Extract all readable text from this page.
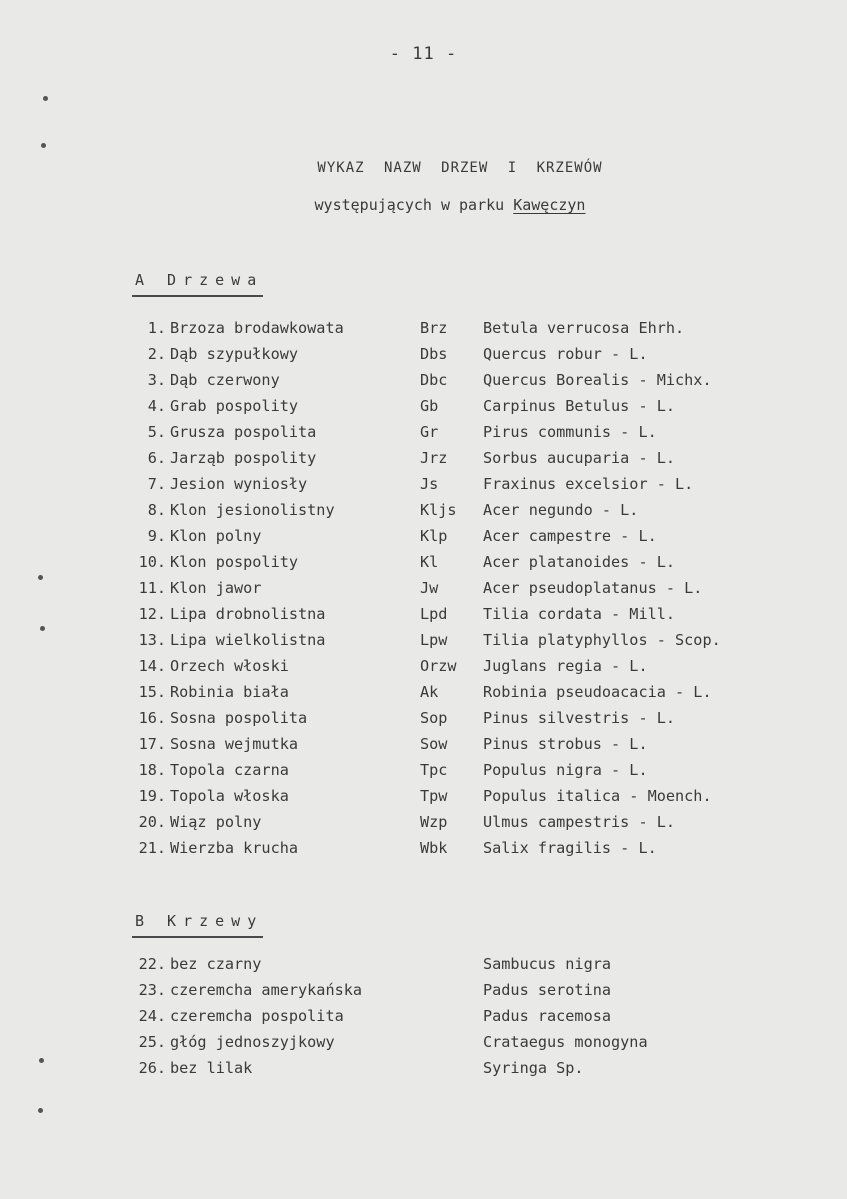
- 11 -
WYKAZ NAZW DRZEW I KRZEWÓW
występujących w parku Kawęczyn
A Drzewa
1. Brzoza brodawkowata	Brz Betula verrucosa Ehrh.
2. Dąb szypułkowy	Dbs Quercus robur - L.
3. Dąb czerwony	Dbc Quercus Borealis - Michx.
4. Grab pospolity	Gb	Carpinus Betulus - L.
5. Grusza pospolita	Gr	Pirus communis - L.
6. Jarząb pospolity	Jrz Sorbus aucuparia - L.
7. Jesion wyniosły	Js	Fraxinus excelsior - L.
8. Klon jesionolistny	Kljs Acer negundo - L.
9. Klon polny	Klp Acer campestre - L.
10. Klon pospolity	Kl	Acer platanoides - L.
11. Klon jawor	Jw	Acer pseudoplatanus - L.
12. Lipa drobnolistna	Lpd Tilia cordata - Mill.
13. Lipa wielkolistna	Lpw Tilia platyphyllos - Scop.
14. Orzech włoski	Orzw Juglans regia - L.
15. Robinia biała	Ak	Robinia pseudoacacia - L.
16. Sosna pospolita	Sop Pinus silvestris - L.
17. Sosna wejmutka	Sow Pinus strobus - L.
18. Topola czarna	Tpc Populus nigra - L.
19. Topola włoska	Tpw Populus italica - Moench.
20. Wiąz polny	Wzp Ulmus campestris - L.
21. Wierzba krucha	Wbk Salix fragilis - L.
B Krzewy
22. bez czarny	Sambucus nigra
23. czeremcha amerykańska	Padus serotina
24. czeremcha pospolita	Padus racemosa
25. głóg jednoszyjkowy	Crataegus monogyna
26. bez lilak	Syringa Sp.
